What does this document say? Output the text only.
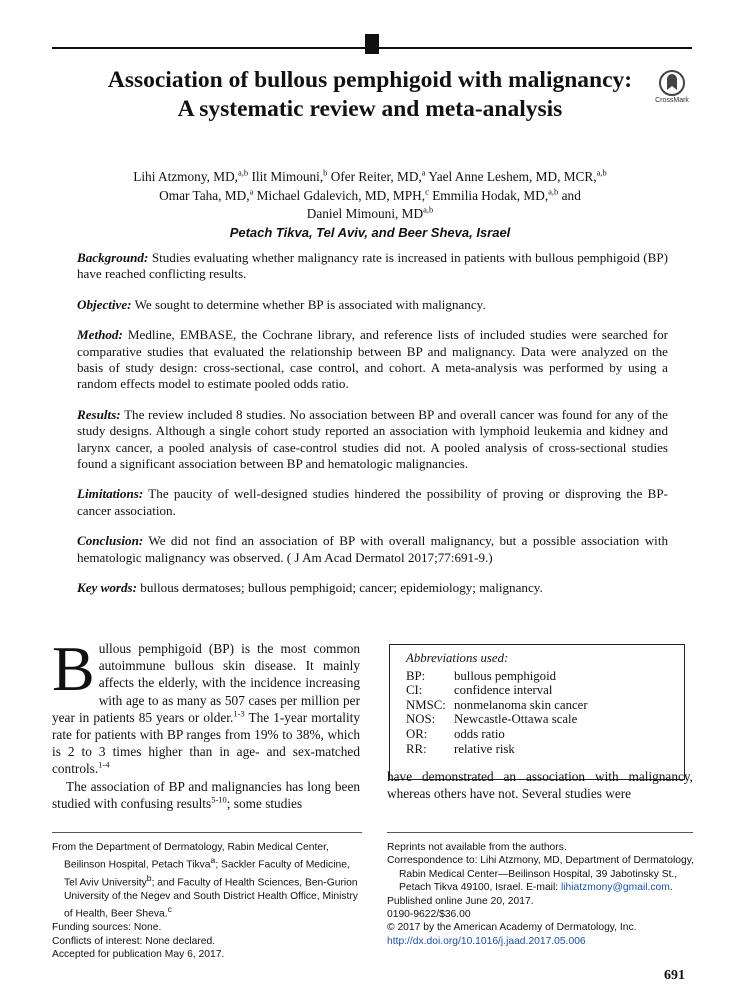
Association of bullous pemphigoid with malignancy: A systematic review and meta-analysis	CrossMark
Lihi Atzmony, MD,$^{a,b}$ Ilit Mimouni,$^b$ Ofer Reiter, MD,$^a$ Yael Anne Leshem, MD, MCR,$^{a,b}$
Omar Taha, MD,$^a$ Michael Gdalevich, MD, MPH,$^c$ Emmilia Hodak, MD,$^{a,b}$ and
Daniel Mimouni, MD$^{a,b}$
Petach Tikva, Tel Aviv, and Beer Sheva, Israel

Background: Studies evaluating whether malignancy rate is increased in patients with bullous pemphigoid (BP) have reached conflicting results.

Objective: We sought to determine whether BP is associated with malignancy.

Method: Medline, EMBASE, the Cochrane library, and reference lists of included studies were searched for comparative studies that evaluated the relationship between BP and malignancy. Data were analyzed on the basis of study design: cross-sectional, case control, and cohort. A meta-analysis was performed by using a random effects model to estimate pooled odds ratio.

Results: The review included 8 studies. No association between BP and overall cancer was found for any of the study designs. Although a single cohort study reported an association with lymphoid leukemia and kidney and larynx cancer, a pooled analysis of case-control studies did not. A pooled analysis of cross-sectional studies found a significant association between BP and hematologic malignancies.

Limitations: The paucity of well-designed studies hindered the possibility of proving or disproving the BP-cancer association.

Conclusion: We did not find an association of BP with overall malignancy, but a possible association with hematologic malignancy was observed. ( J Am Acad Dermatol 2017;77:691-9.)

Key words: bullous dermatoses; bullous pemphigoid; cancer; epidemiology; malignancy.

Bullous pemphigoid (BP) is the most common autoimmune bullous skin disease. It mainly affects the elderly, with the incidence increasing with age to as many as 507 cases per million per year in patients 85 years or older.$^{1-3}$ The 1-year mortality rate for patients with BP ranges from 19% to 38%, which is 2 to 3 times higher than in age- and sex-matched controls.$^{1-4}$

The association of BP and malignancies has long been studied with confusing results$^{5-10}$; some studies

Abbreviations used:
BP:	bullous pemphigoid
CI:	confidence interval
NMSC: nonmelanoma skin cancer
NOS:	Newcastle-Ottawa scale
OR:	odds ratio
RR:	relative risk

have demonstrated an association with malignancy, whereas others have not. Several studies were

From the Department of Dermatology, Rabin Medical Center, Beilinson Hospital, Petach Tikva$^a$; Sackler Faculty of Medicine, Tel Aviv University$^b$; and Faculty of Health Sciences, Ben-Gurion University of the Negev and South District Health Office, Ministry of Health, Beer Sheva.$^c$

Funding sources: None.

Conflicts of interest: None declared.

Accepted for publication May 6, 2017.

Reprints not available from the authors.

Correspondence to: Lihi Atzmony, MD, Department of Dermatology, Rabin Medical Center—Beilinson Hospital, 39 Jabotinsky St., Petach Tikva 49100, Israel. E-mail: lihiatzmony@gmail.com.

Published online June 20, 2017.

0190-9622/$36.00

© 2017 by the American Academy of Dermatology, Inc.

http://dx.doi.org/10.1016/j.jaad.2017.05.006

691
